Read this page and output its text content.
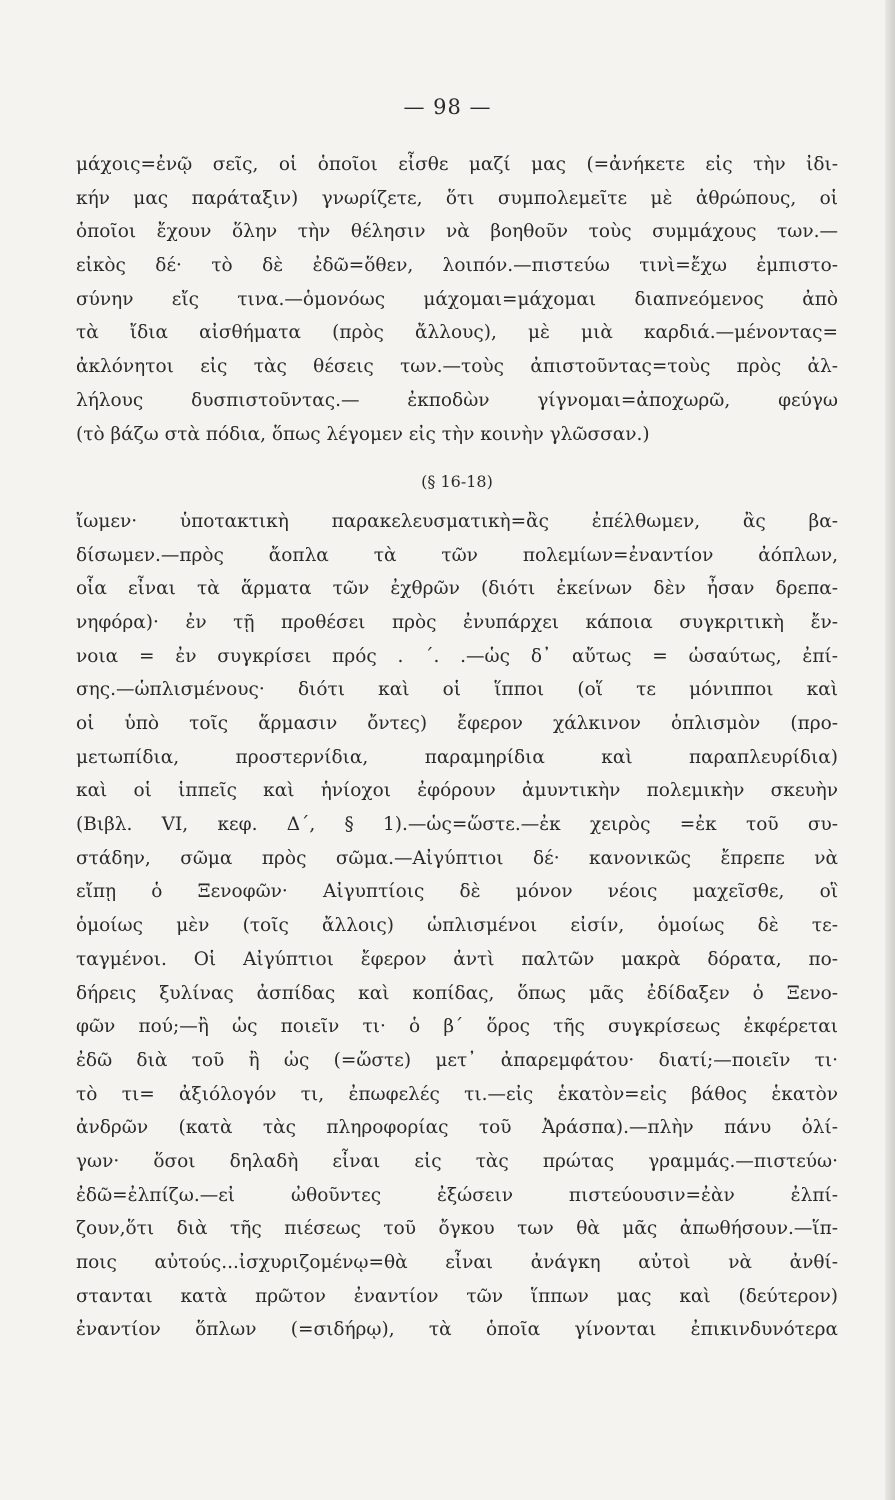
— 98 —
μάχοις=ἐνῷ σεῖς, οἱ ὁποῖοι εἶσθε μαζί μας (=ἀνήκετε εἰς τὴν ἰδι-
κήν μας παράταξιν) γνωρίζετε, ὅτι συμπολεμεῖτε μὲ ἀθρώπους, οἱ
ὁποῖοι ἔχουν ὅλην τὴν θέλησιν νὰ βοηθοῦν τοὺς συμμάχους των.—
εἰκὸς δέ· τὸ δὲ ἐδῶ=ὅθεν, λοιπόν.—πιστεύω τινὶ=ἔχω ἐμπιστο-
σύνην εἴς τινα.—ὁμονόως μάχομαι=μάχομαι διαπνεόμενος ἀπὸ
τὰ ἴδια αἰσθήματα (πρὸς ἄλλους), μὲ μιὰ καρδιά.—μένοντας=
ἀκλόνητοι εἰς τὰς θέσεις των.—τοὺς ἀπιστοῦντας=τοὺς πρὸς ἀλ-
λήλους δυσπιστοῦντας.— ἐκποδὼν γίγνομαι=ἀποχωρῶ, φεύγω
(τὸ βάζω στὰ πόδια, ὅπως λέγομεν εἰς τὴν κοινὴν γλῶσσαν.)
(§ 16-18)
ἴωμεν· ὑποτακτικὴ παρακελευσματικὴ=ἂς ἐπέλθωμεν, ἂς βα-
δίσωμεν.—πρὸς ἄοπλα τὰ τῶν πολεμίων=ἐναντίον ἀόπλων,
οἷα εἶναι τὰ ἅρματα τῶν ἐχθρῶν (διότι ἐκείνων δὲν ἦσαν δρεπα-
νηφόρα)· ἐν τῇ προθέσει πρὸς ἐνυπάρχει κάποια συγκριτικὴ ἔν-
νοια = ἐν συγκρίσει πρός . ´. .—ὡς δ᾽ αὔτως = ὡσαύτως, ἐπί-
σης.—ὡπλισμένους· διότι καὶ οἱ ἵπποι (οἵ τε μόνιπποι καὶ
οἱ ὑπὸ τοῖς ἅρμασιν ὄντες) ἔφερον χάλκινον ὁπλισμὸν (προ-
μετωπίδια, προστερνίδια, παραμηρίδια καὶ παραπλευρίδια)
καὶ οἱ ἱππεῖς καὶ ἡνίοχοι ἐφόρουν ἀμυντικὴν πολεμικὴν σκευὴν
(Βιβλ. VI, κεφ. Δ´, § 1).—ὡς=ὥστε.—ἐκ χειρὸς =ἐκ τοῦ συ-
στάδην, σῶμα πρὸς σῶμα.—Αἰγύπτιοι δέ· κανονικῶς ἔπρεπε νὰ
εἴπῃ ὁ Ξενοφῶν· Αἰγυπτίοις δὲ μόνον νέοις μαχεῖσθε, οἳ
ὁμοίως μὲν (τοῖς ἄλλοις) ὡπλισμένοι εἰσίν, ὁμοίως δὲ τε-
ταγμένοι. Οἱ Αἰγύπτιοι ἔφερον ἀντὶ παλτῶν μακρὰ δόρατα, πο-
δήρεις ξυλίνας ἀσπίδας καὶ κοπίδας, ὅπως μᾶς ἐδίδαξεν ὁ Ξενο-
φῶν πού;—ἢ ὡς ποιεῖν τι· ὁ β´ ὅρος τῆς συγκρίσεως ἐκφέρεται
ἐδῶ διὰ τοῦ ἢ ὡς (=ὥστε) μετ᾽ ἀπαρεμφάτου· διατί;—ποιεῖν τι·
τὸ τι= ἀξιόλογόν τι, ἐπωφελές τι.—εἰς ἑκατὸν=εἰς βάθος ἑκατὸν
ἀνδρῶν (κατὰ τὰς πληροφορίας τοῦ Ἀράσπα).—πλὴν πάνυ ὀλί-
γων· ὅσοι δηλαδὴ εἶναι εἰς τὰς πρώτας γραμμάς.—πιστεύω·
ἐδῶ=ἐλπίζω.—εἰ ὠθοῦντες ἐξώσειν πιστεύουσιν=ἐὰν ἐλπί-
ζουν,ὅτι διὰ τῆς πιέσεως τοῦ ὄγκου των θὰ μᾶς ἀπωθήσουν.—ἵπ-
ποις αὐτούς...ἰσχυριζομένῳ=θὰ εἶναι ἀνάγκη αὐτοὶ νὰ ἀνθί-
στανται κατὰ πρῶτον ἐναντίον τῶν ἵππων μας καὶ (δεύτερον)
ἐναντίον ὅπλων (=σιδήρῳ), τὰ ὁποῖα γίνονται ἐπικινδυνότερα
